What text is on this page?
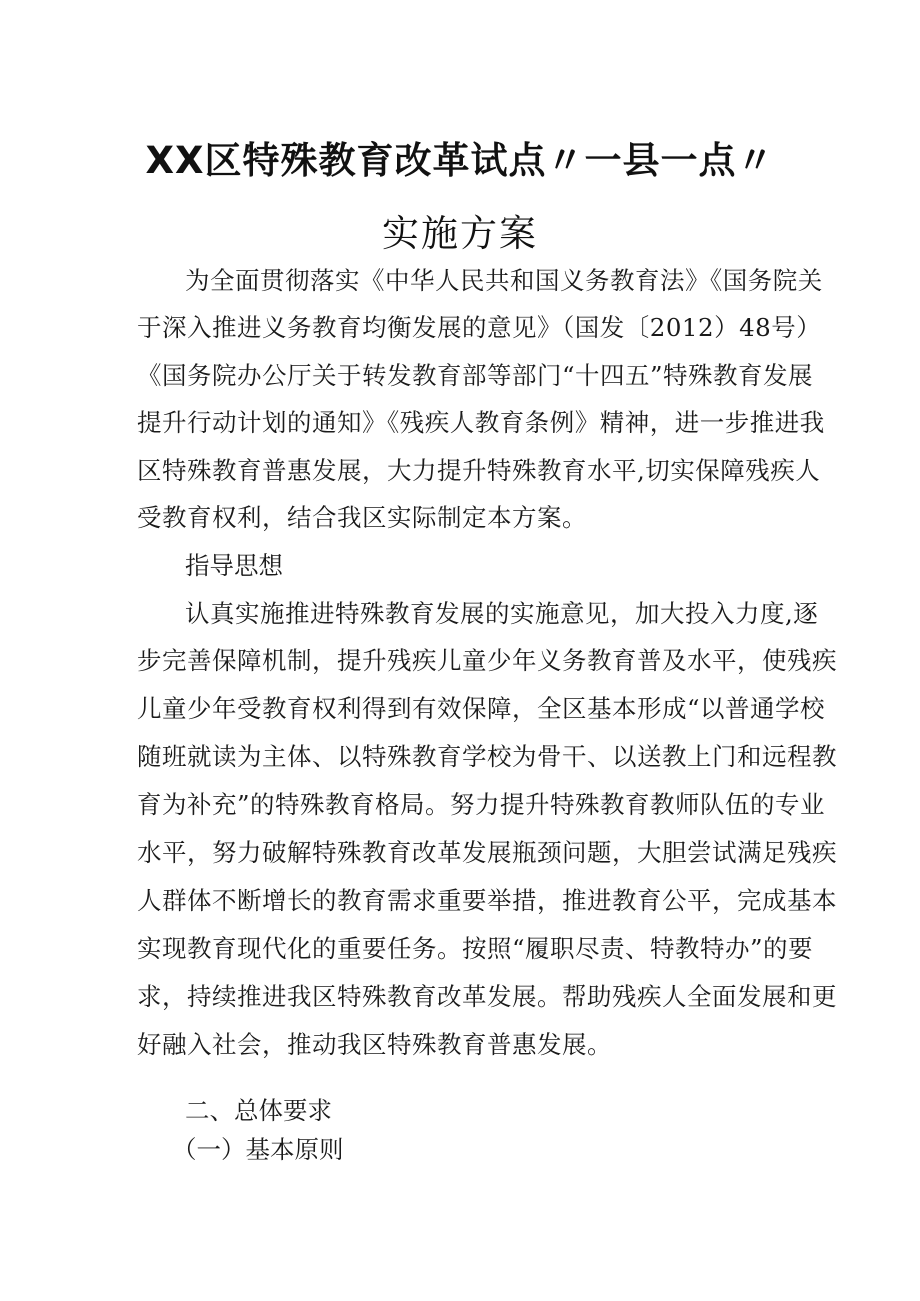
XX区特殊教育改革试点〃一县一点〃
实施方案
为全面贯彻落实《中华人民共和国义务教育法》《国务院关
于深入推进义务教育均衡发展的意见》（国发〔2012）48号）
《国务院办公厅关于转发教育部等部门“十四五”特殊教育发展
提升行动计划的通知》《残疾人教育条例》精神，进一步推进我
区特殊教育普惠发展，大力提升特殊教育水平,切实保障残疾人
受教育权利，结合我区实际制定本方案。
指导思想
认真实施推进特殊教育发展的实施意见，加大投入力度,逐
步完善保障机制，提升残疾儿童少年义务教育普及水平，使残疾
儿童少年受教育权利得到有效保障，全区基本形成“以普通学校
随班就读为主体、以特殊教育学校为骨干、以送教上门和远程教
育为补充”的特殊教育格局。努力提升特殊教育教师队伍的专业
水平，努力破解特殊教育改革发展瓶颈问题，大胆尝试满足残疾
人群体不断增长的教育需求重要举措，推进教育公平，完成基本
实现教育现代化的重要任务。按照“履职尽责、特教特办”的要
求，持续推进我区特殊教育改革发展。帮助残疾人全面发展和更
好融入社会，推动我区特殊教育普惠发展。
二、总体要求
（一）基本原则
